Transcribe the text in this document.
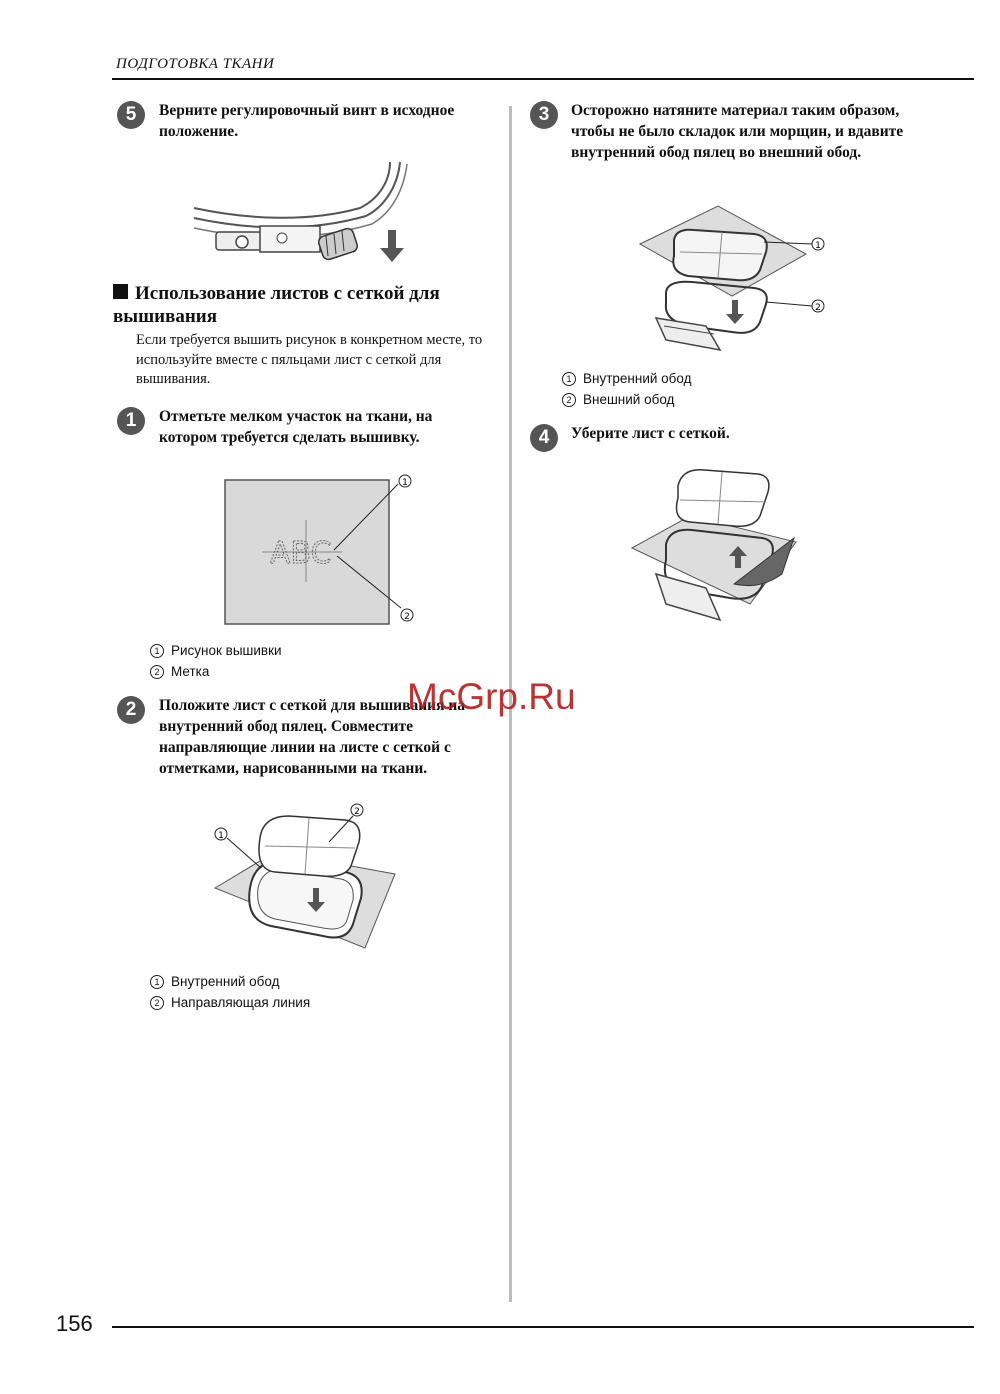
ПОДГОТОВКА ТКАНИ
5	Верните регулировочный винт в исходное положение.
Использование листов с сеткой для вышивания
Если требуется вышить рисунок в конкретном месте, то используйте вместе с пяльцами лист с сеткой для вышивания.
1	Отметьте мелком участок на ткани, на котором требуется сделать вышивку.
ABC
1
2
1 Рисунок вышивки
2 Метка
2	Положите лист с сеткой для вышивания на внутренний обод пялец. Совместите направляющие линии на листе с сеткой с отметками, нарисованными на ткани.
1
2
1 Внутренний обод
2 Направляющая линия
3	Осторожно натяните материал таким образом, чтобы не было складок или морщин, и вдавите внутренний обод пялец во внешний обод.
1
2
1 Внутренний обод
2 Внешний обод
4	Уберите лист с сеткой.
McGrp.Ru
156
